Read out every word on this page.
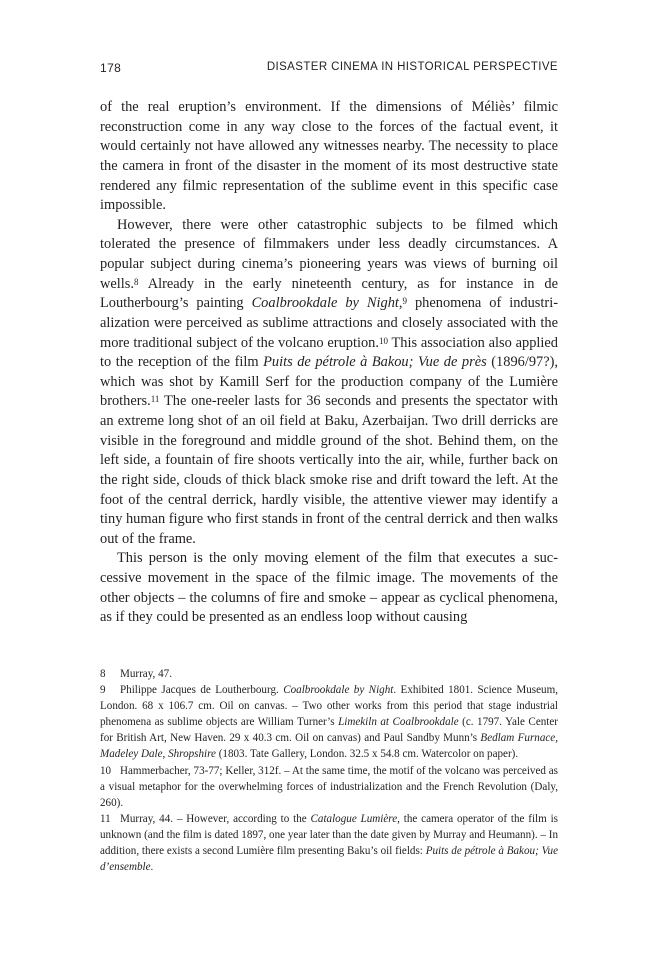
178	DISASTER CINEMA IN HISTORICAL PERSPECTIVE

of the real eruption’s environment. If the dimensions of Méliès’ filmic reconstruction come in any way close to the forces of the factual event, it would certainly not have allowed any witnesses nearby. The necessity to place the camera in front of the disaster in the moment of its most destructive state rendered any filmic representation of the sublime event in this specific case impossible.

However, there were other catastrophic subjects to be filmed which tolerated the presence of filmmakers under less deadly circumstances. A popular subject during cinema’s pioneering years was views of burning oil wells.$^8$ Already in the early nineteenth century, as for instance in de Loutherbourg’s painting Coalbrookdale by Night,$^9$ phenomena of industrialization were perceived as sublime attractions and closely associated with the more traditional subject of the volcano eruption.$^{10}$ This association also applied to the reception of the film Puits de pétrole à Bakou; Vue de près (1896/97?), which was shot by Kamill Serf for the production company of the Lumière brothers.$^{11}$ The one-reeler lasts for 36 seconds and presents the spectator with an extreme long shot of an oil field at Baku, Azerbaijan. Two drill derricks are visible in the foreground and middle ground of the shot. Behind them, on the left side, a fountain of fire shoots vertically into the air, while, further back on the right side, clouds of thick black smoke rise and drift toward the left. At the foot of the central derrick, hardly visible, the attentive viewer may identify a tiny human figure who first stands in front of the central derrick and then walks out of the frame.

This person is the only moving element of the film that executes a successive movement in the space of the filmic image. The movements of the other objects – the columns of fire and smoke – appear as cyclical phenomena, as if they could be presented as an endless loop without causing

8 Murray, 47.

9 Philippe Jacques de Loutherbourg. Coalbrookdale by Night. Exhibited 1801. Science Museum, London. 68 x 106.7 cm. Oil on canvas. – Two other works from this period that stage industrial phenomena as sublime objects are William Turner’s Limekiln at Coalbrookdale (c. 1797. Yale Center for British Art, New Haven. 29 x 40.3 cm. Oil on canvas) and Paul Sandby Munn’s Bedlam Furnace, Madeley Dale, Shropshire (1803. Tate Gallery, London. 32.5 x 54.8 cm. Watercolor on paper).

10 Hammerbacher, 73-77; Keller, 312f. – At the same time, the motif of the volcano was perceived as a visual metaphor for the overwhelming forces of industrialization and the French Revolution (Daly, 260).

11 Murray, 44. – However, according to the Catalogue Lumière, the camera operator of the film is unknown (and the film is dated 1897, one year later than the date given by Murray and Heumann). – In addition, there exists a second Lumière film presenting Baku’s oil fields: Puits de pétrole à Bakou; Vue d’ensemble.
